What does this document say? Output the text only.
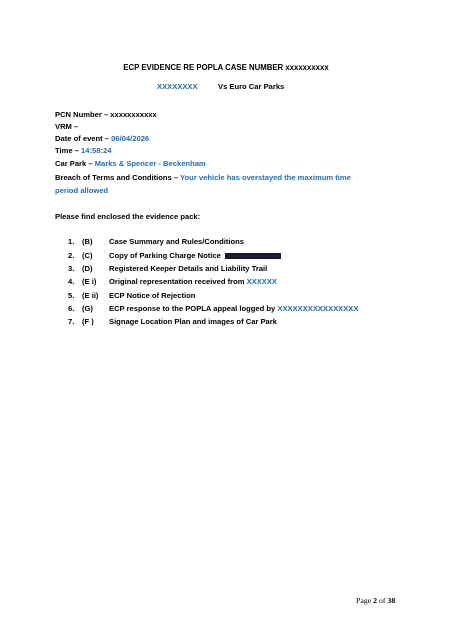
ECP EVIDENCE RE POPLA CASE NUMBER xxxxxxxxxx
XXXXXXXX	Vs Euro Car Parks
PCN Number – xxxxxxxxxxx
VRM –
Date of event – 06/04/2026
Time – 14:58:24
Car Park – Marks & Spencer - Beckenham
Breach of Terms and Conditions – Your vehicle has overstayed the maximum time period allowed
Please find enclosed the evidence pack:
1. (B) Case Summary and Rules/Conditions
2. (C) Copy of Parking Charge Notice
3. (D) Registered Keeper Details and Liability Trail
4. (E i) Original representation received from XXXXXX
5. (E ii) ECP Notice of Rejection
6. (G) ECP response to the POPLA appeal logged by XXXXXXXXXXXXXXXX
7. (F ) Signage Location Plan and images of Car Park
Page 2 of 38
